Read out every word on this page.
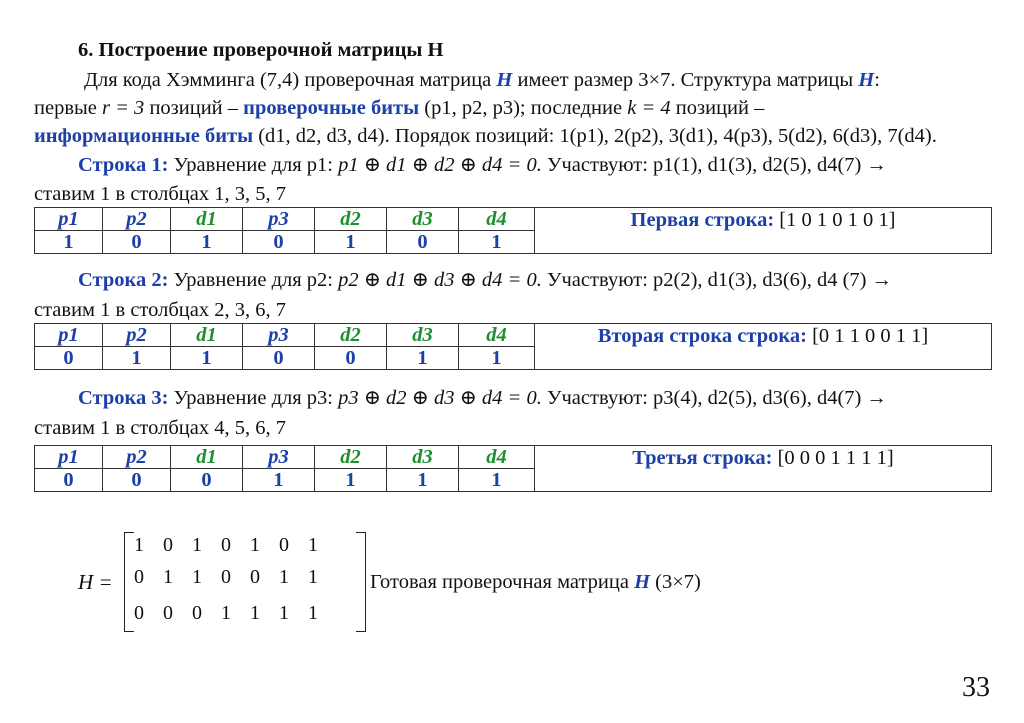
6. Построение проверочной матрицы H
Для кода Хэмминга (7,4) проверочная матрица H имеет размер 3×7. Структура матрицы H:
первые r = 3 позиций – проверочные биты (p1, p2, p3); последние k = 4 позиций –
информационные биты (d1, d2, d3, d4). Порядок позиций: 1(p1), 2(p2), 3(d1), 4(p3), 5(d2), 6(d3), 7(d4).
Строка 1: Уравнение для p1: p1 ⊕ d1 ⊕ d2 ⊕ d4 = 0. Участвуют: p1(1), d1(3), d2(5), d4(7) →
ставим 1 в столбцах 1, 3, 5, 7
p1	p2	d1	p3	d2	d3	d4	Первая строка: [1 0 1 0 1 0 1]
1	0	1	0	1	0	1	
Строка 2: Уравнение для p2: p2 ⊕ d1 ⊕ d3 ⊕ d4 = 0. Участвуют: p2(2), d1(3), d3(6), d4 (7) →
ставим 1 в столбцах 2, 3, 6, 7
p1	p2	d1	p3	d2	d3	d4	Вторая строка строка: [0 1 1 0 0 1 1]
0	1	1	0	0	1	1	
Строка 3: Уравнение для p3: p3 ⊕ d2 ⊕ d3 ⊕ d4 = 0. Участвуют: p3(4), d2(5), d3(6), d4(7) →
ставим 1 в столбцах 4, 5, 6, 7
p1	p2	d1	p3	d2	d3	d4	Третья строка: [0 0 0 1 1 1 1]
0	0	0	1	1	1	1	
H =
1 0 1 0 1 0 1
0 1 1 0 0 1 1
0 0 0 1 1 1 1
Готовая проверочная матрица H (3×7)
33
